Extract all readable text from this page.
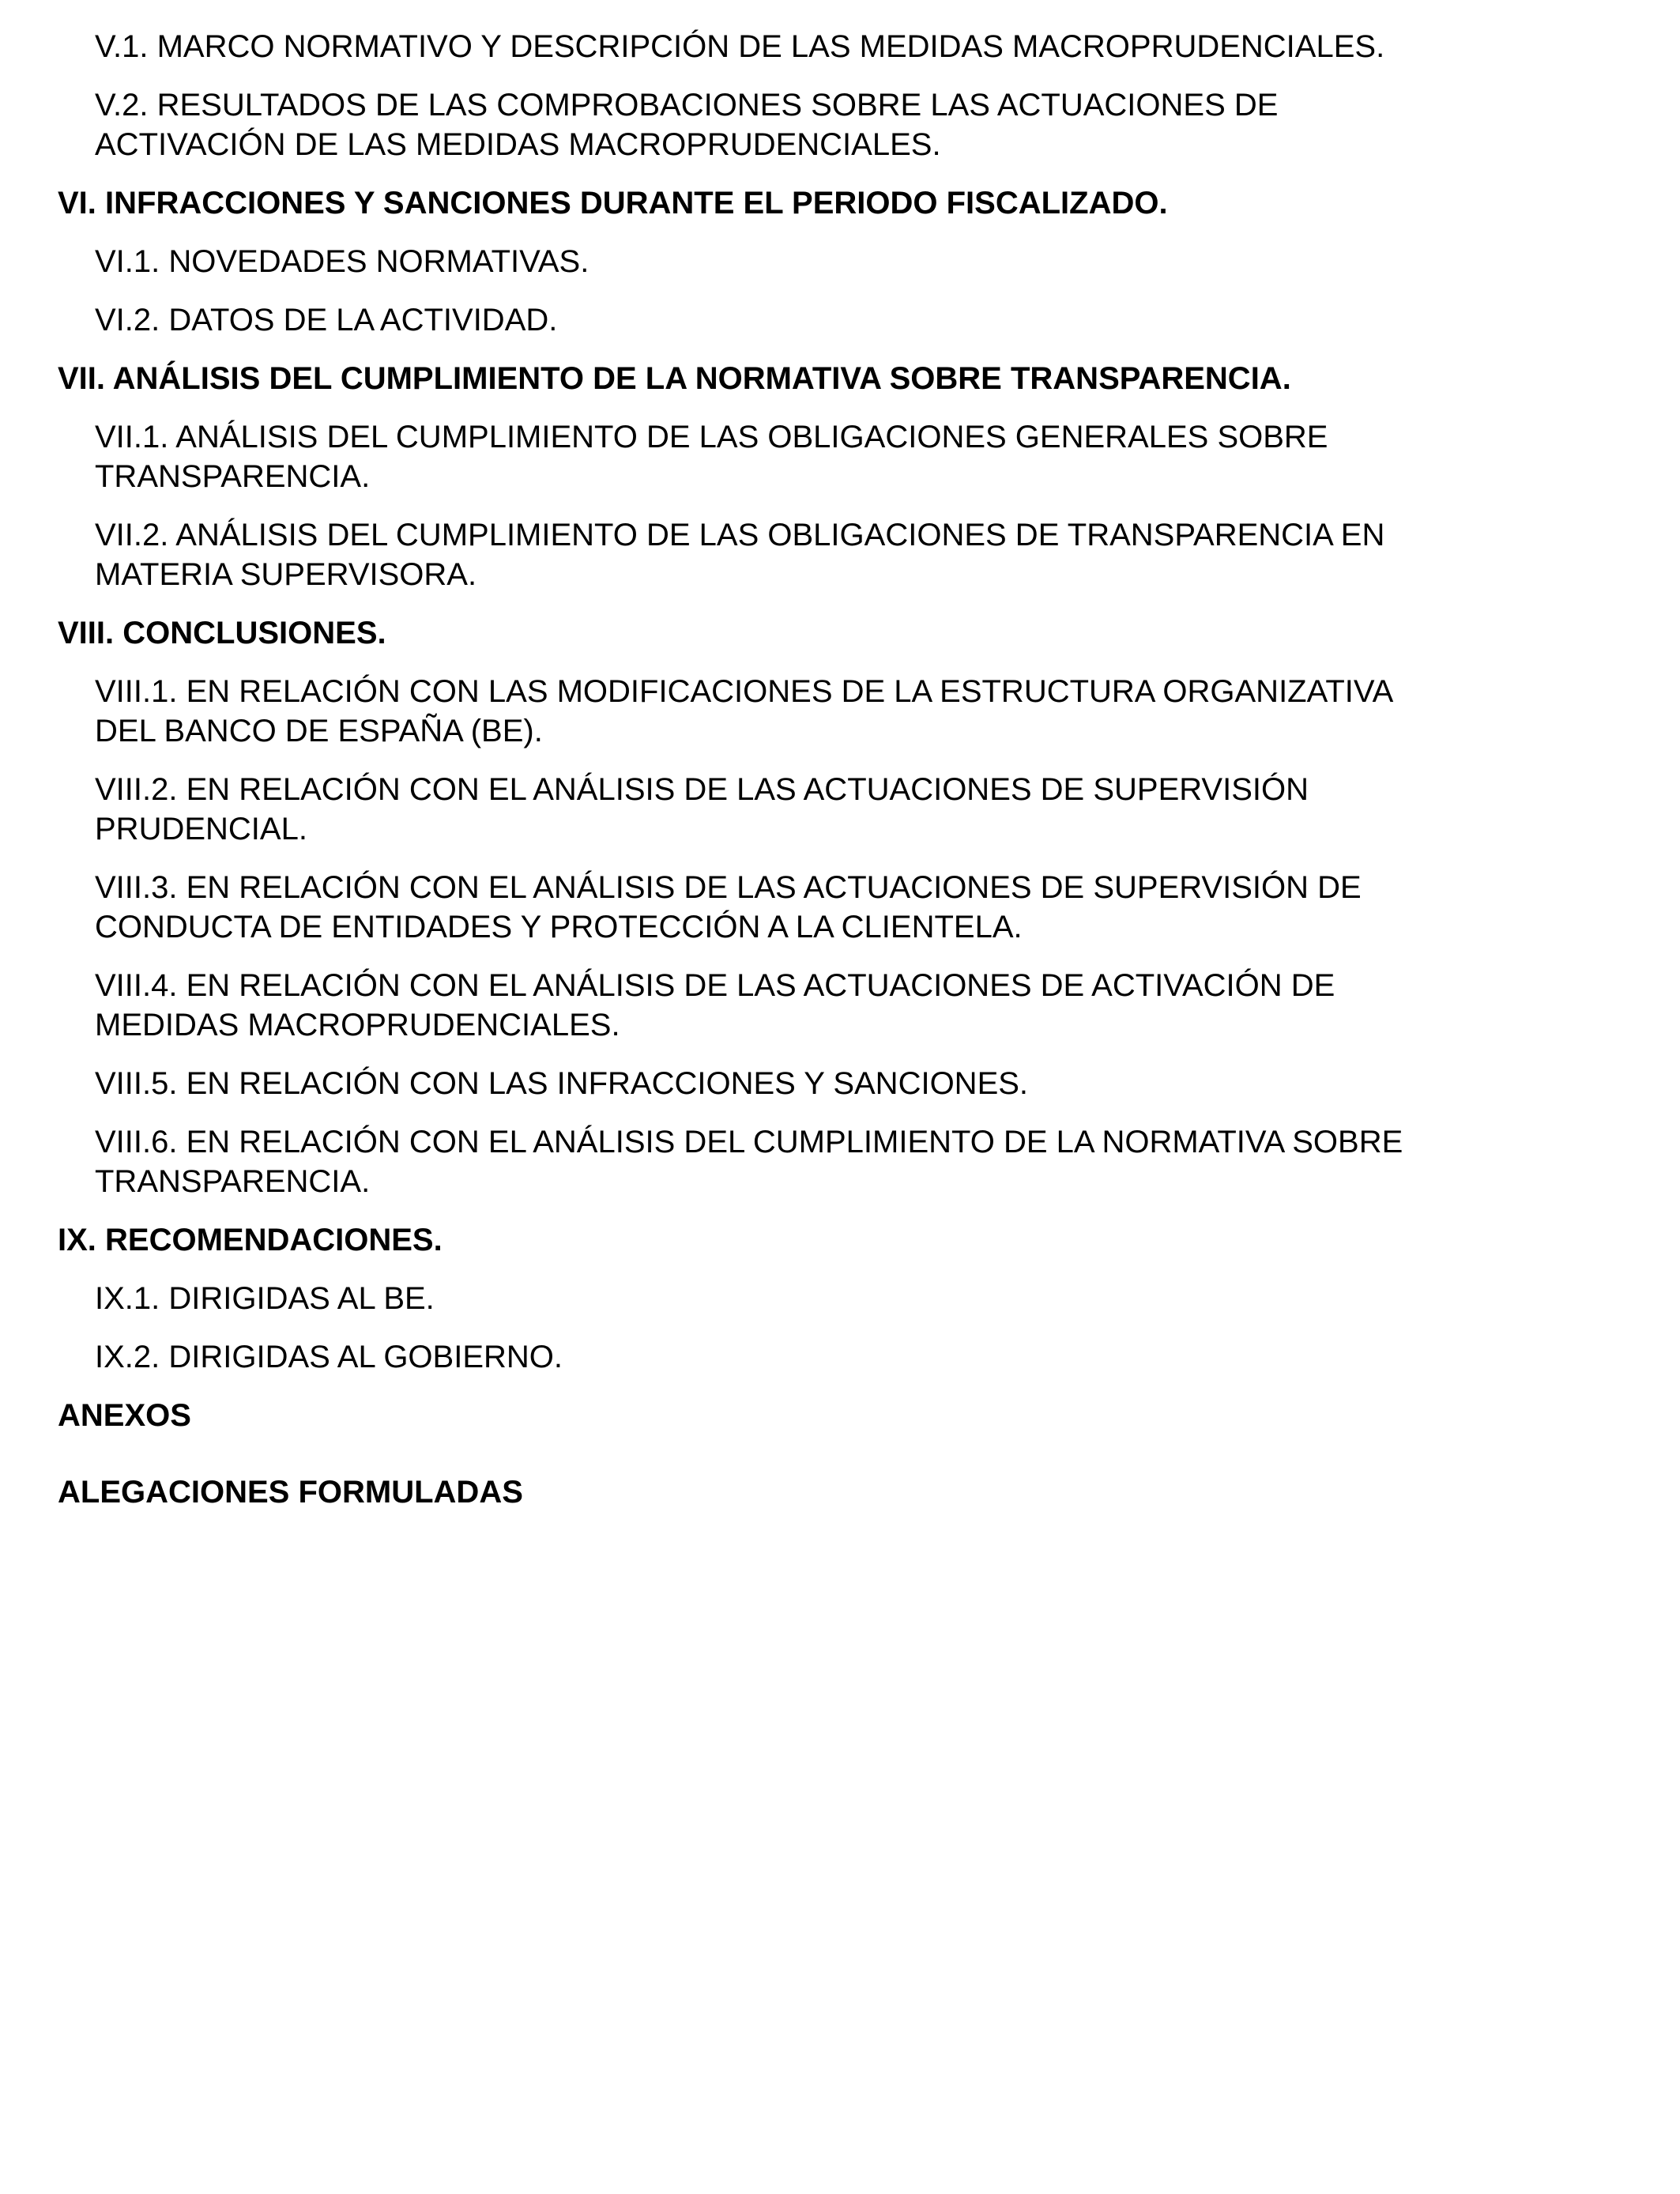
V.1. MARCO NORMATIVO Y DESCRIPCIÓN DE LAS MEDIDAS MACROPRUDENCIALES.
V.2. RESULTADOS DE LAS COMPROBACIONES SOBRE LAS ACTUACIONES DE
ACTIVACIÓN DE LAS MEDIDAS MACROPRUDENCIALES.
VI. INFRACCIONES Y SANCIONES DURANTE EL PERIODO FISCALIZADO.
VI.1. NOVEDADES NORMATIVAS.
VI.2. DATOS DE LA ACTIVIDAD.
VII. ANÁLISIS DEL CUMPLIMIENTO DE LA NORMATIVA SOBRE TRANSPARENCIA.
VII.1. ANÁLISIS DEL CUMPLIMIENTO DE LAS OBLIGACIONES GENERALES SOBRE
TRANSPARENCIA.
VII.2. ANÁLISIS DEL CUMPLIMIENTO DE LAS OBLIGACIONES DE TRANSPARENCIA EN
MATERIA SUPERVISORA.
VIII. CONCLUSIONES.
VIII.1. EN RELACIÓN CON LAS MODIFICACIONES DE LA ESTRUCTURA ORGANIZATIVA
DEL BANCO DE ESPAÑA (BE).
VIII.2. EN RELACIÓN CON EL ANÁLISIS DE LAS ACTUACIONES DE SUPERVISIÓN
PRUDENCIAL.
VIII.3. EN RELACIÓN CON EL ANÁLISIS DE LAS ACTUACIONES DE SUPERVISIÓN DE
CONDUCTA DE ENTIDADES Y PROTECCIÓN A LA CLIENTELA.
VIII.4. EN RELACIÓN CON EL ANÁLISIS DE LAS ACTUACIONES DE ACTIVACIÓN DE
MEDIDAS MACROPRUDENCIALES.
VIII.5. EN RELACIÓN CON LAS INFRACCIONES Y SANCIONES.
VIII.6. EN RELACIÓN CON EL ANÁLISIS DEL CUMPLIMIENTO DE LA NORMATIVA SOBRE
TRANSPARENCIA.
IX. RECOMENDACIONES.
IX.1. DIRIGIDAS AL BE.
IX.2. DIRIGIDAS AL GOBIERNO.
ANEXOS
ALEGACIONES FORMULADAS
